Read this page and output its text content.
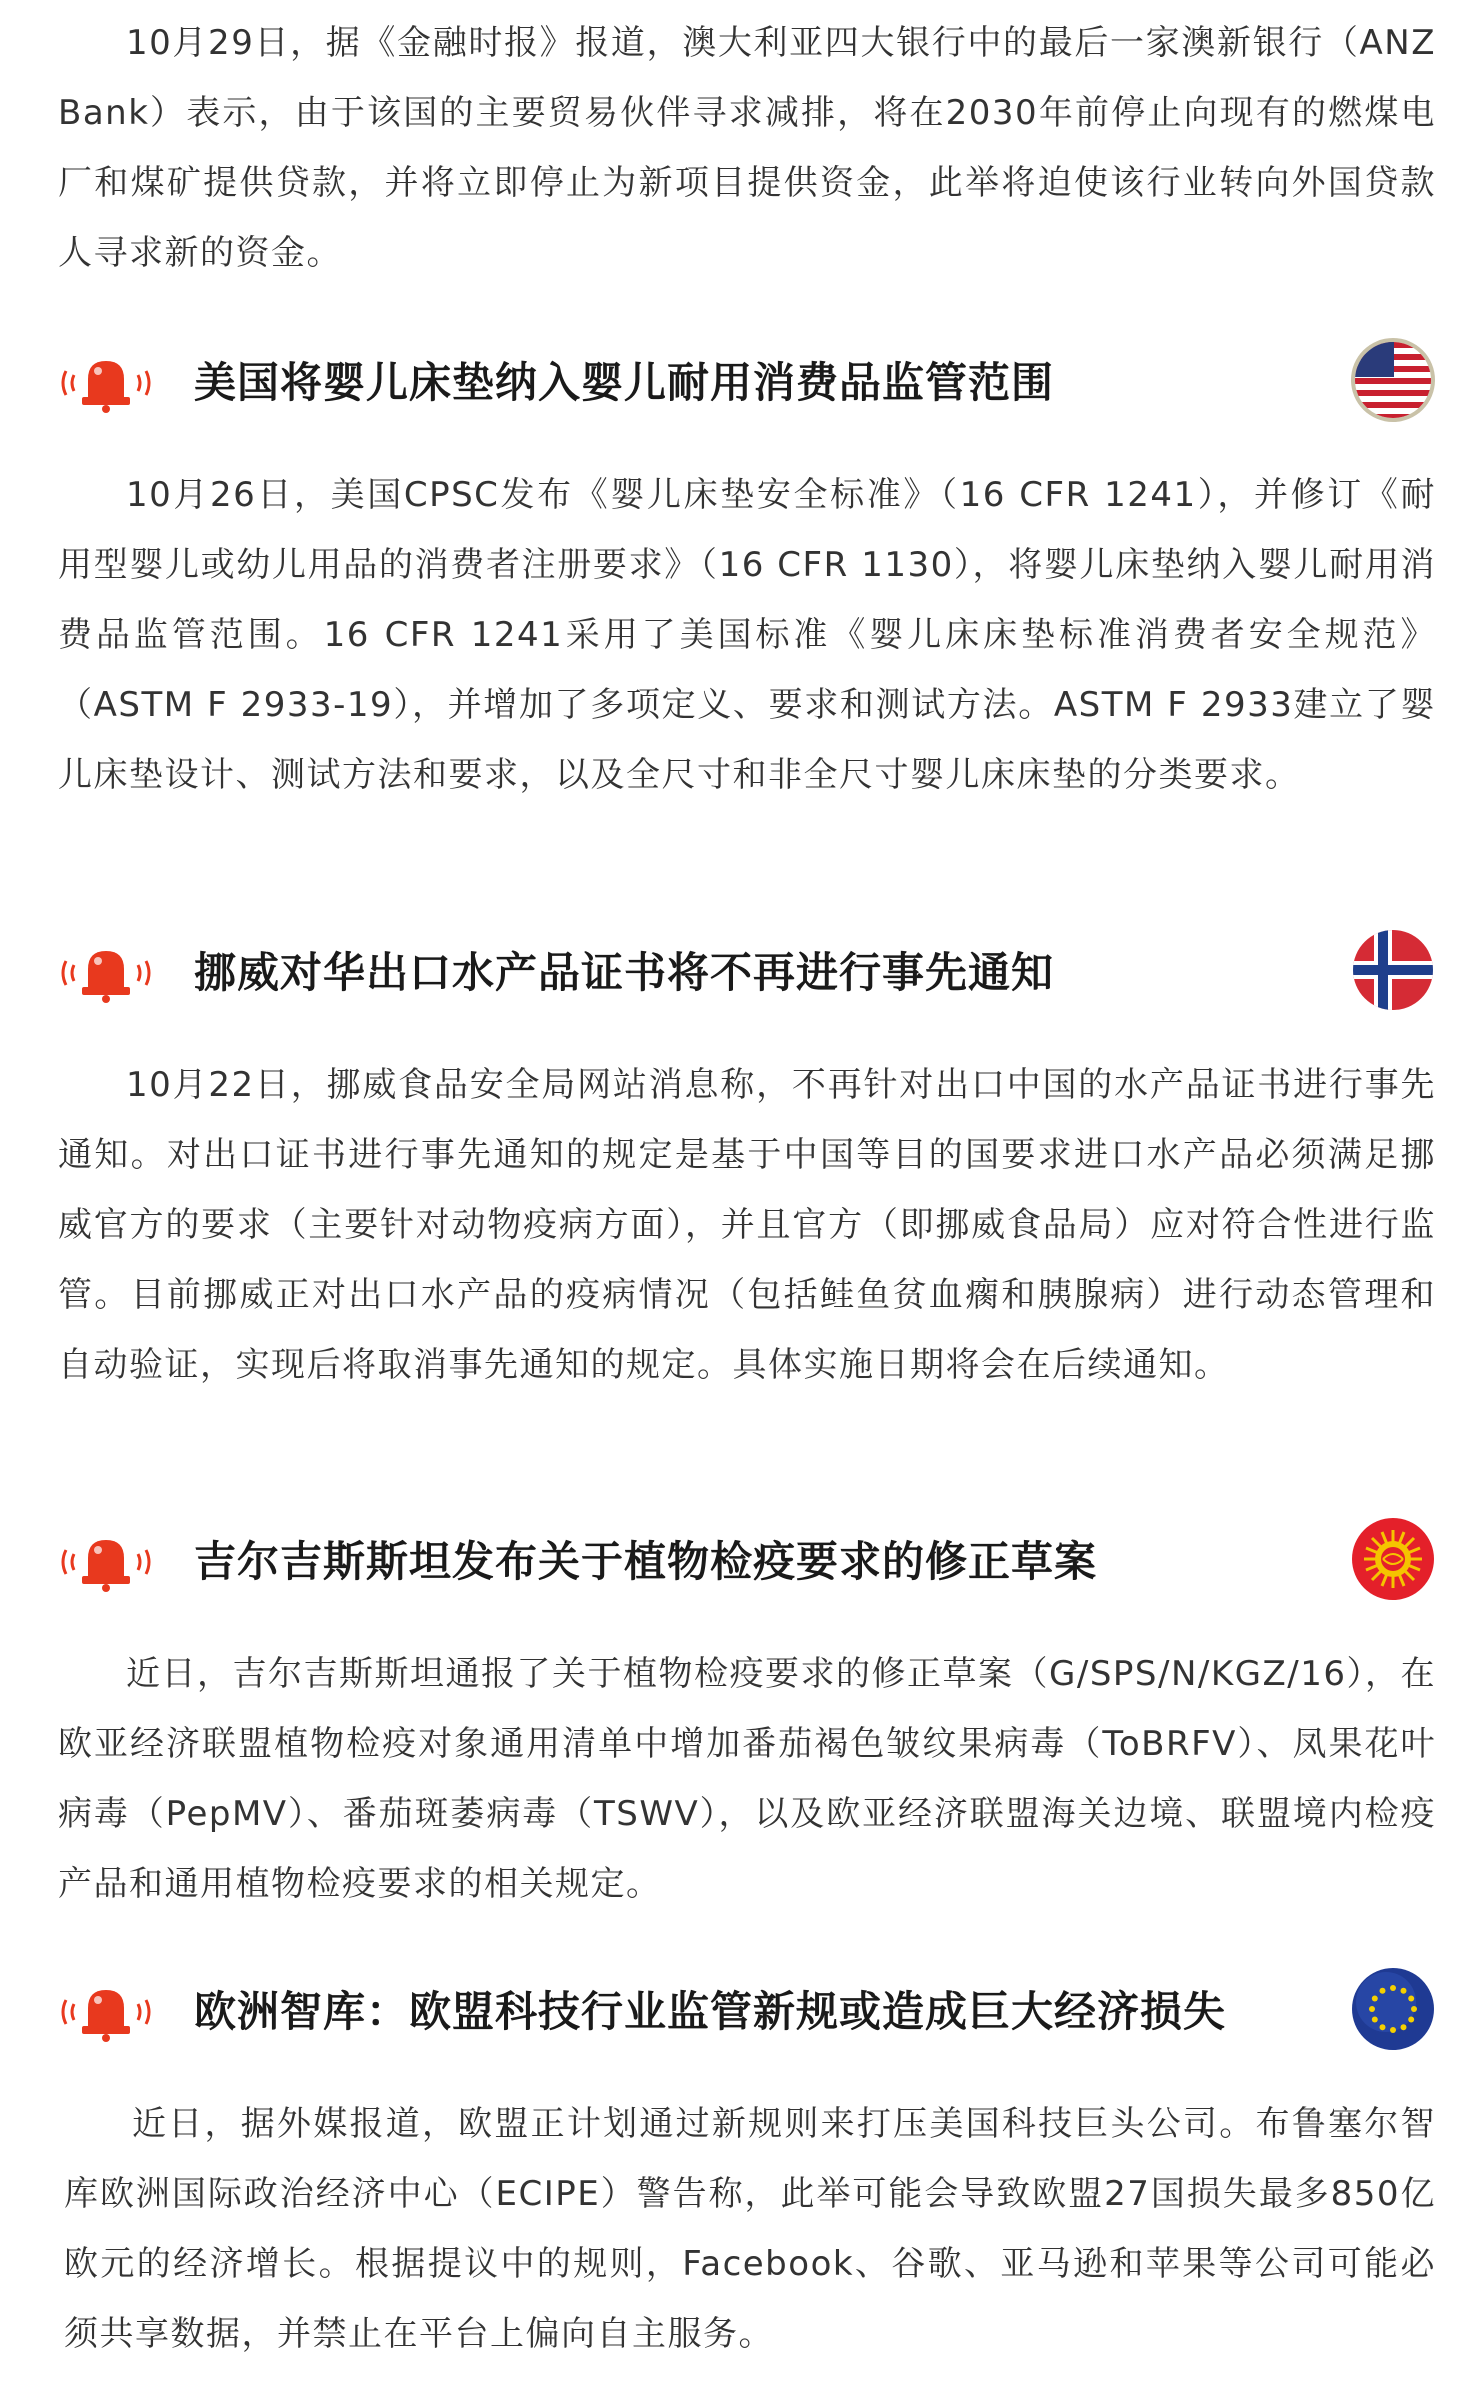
10月29日，据《金融时报》报道，澳大利亚四大银行中的最后一家澳新银行（ANZ Bank）表示，由于该国的主要贸易伙伴寻求减排，将在2030年前停止向现有的燃煤电厂和煤矿提供贷款，并将立即停止为新项目提供资金，此举将迫使该行业转向外国贷款人寻求新的资金。

美国将婴儿床垫纳入婴儿耐用消费品监管范围

10月26日，美国CPSC发布《婴儿床垫安全标准》（16 CFR 1241），并修订《耐用型婴儿或幼儿用品的消费者注册要求》（16 CFR 1130），将婴儿床垫纳入婴儿耐用消费品监管范围。16 CFR 1241采用了美国标准《婴儿床床垫标准消费者安全规范》（ASTM F 2933-19），并增加了多项定义、要求和测试方法。ASTM F 2933建立了婴儿床垫设计、测试方法和要求，以及全尺寸和非全尺寸婴儿床床垫的分类要求。

挪威对华出口水产品证书将不再进行事先通知

10月22日，挪威食品安全局网站消息称，不再针对出口中国的水产品证书进行事先通知。对出口证书进行事先通知的规定是基于中国等目的国要求进口水产品必须满足挪威官方的要求（主要针对动物疫病方面），并且官方（即挪威食品局）应对符合性进行监管。目前挪威正对出口水产品的疫病情况（包括鲑鱼贫血瘸和胰腺病）进行动态管理和自动验证，实现后将取消事先通知的规定。具体实施日期将会在后续通知。

吉尔吉斯斯坦发布关于植物检疫要求的修正草案

近日，吉尔吉斯斯坦通报了关于植物检疫要求的修正草案（G/SPS/N/KGZ/16），在欧亚经济联盟植物检疫对象通用清单中增加番茄褐色皱纹果病毒（ToBRFV）、凤果花叶病毒（PepMV）、番茄斑萎病毒（TSWV），以及欧亚经济联盟海关边境、联盟境内检疫产品和通用植物检疫要求的相关规定。

欧洲智库：欧盟科技行业监管新规或造成巨大经济损失

近日，据外媒报道，欧盟正计划通过新规则来打压美国科技巨头公司。布鲁塞尔智库欧洲国际政治经济中心（ECIPE）警告称，此举可能会导致欧盟27国损失最多850亿欧元的经济增长。根据提议中的规则，Facebook、谷歌、亚马逊和苹果等公司可能必须共享数据，并禁止在平台上偏向自主服务。
